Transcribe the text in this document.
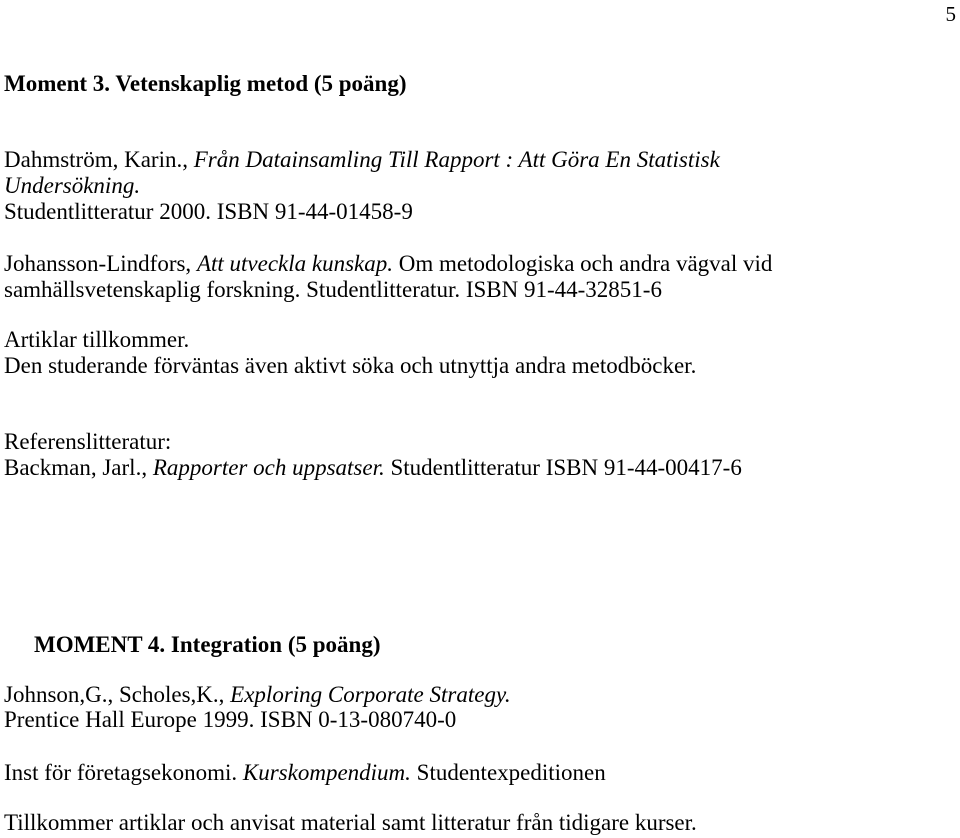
5
Moment 3. Vetenskaplig metod (5 poäng)
Dahmström, Karin., Från Datainsamling Till Rapport : Att Göra En Statistisk
Undersökning.
Studentlitteratur 2000. ISBN 91-44-01458-9
Johansson-Lindfors, Att utveckla kunskap. Om metodologiska och andra vägval vid
samhällsvetenskaplig forskning. Studentlitteratur. ISBN 91-44-32851-6
Artiklar tillkommer.
Den studerande förväntas även aktivt söka och utnyttja andra metodböcker.
Referenslitteratur:
Backman, Jarl., Rapporter och uppsatser. Studentlitteratur ISBN 91-44-00417-6
MOMENT 4. Integration (5 poäng)
Johnson,G., Scholes,K., Exploring Corporate Strategy.
Prentice Hall Europe 1999. ISBN 0-13-080740-0
Inst för företagsekonomi. Kurskompendium. Studentexpeditionen
Tillkommer artiklar och anvisat material samt litteratur från tidigare kurser.
